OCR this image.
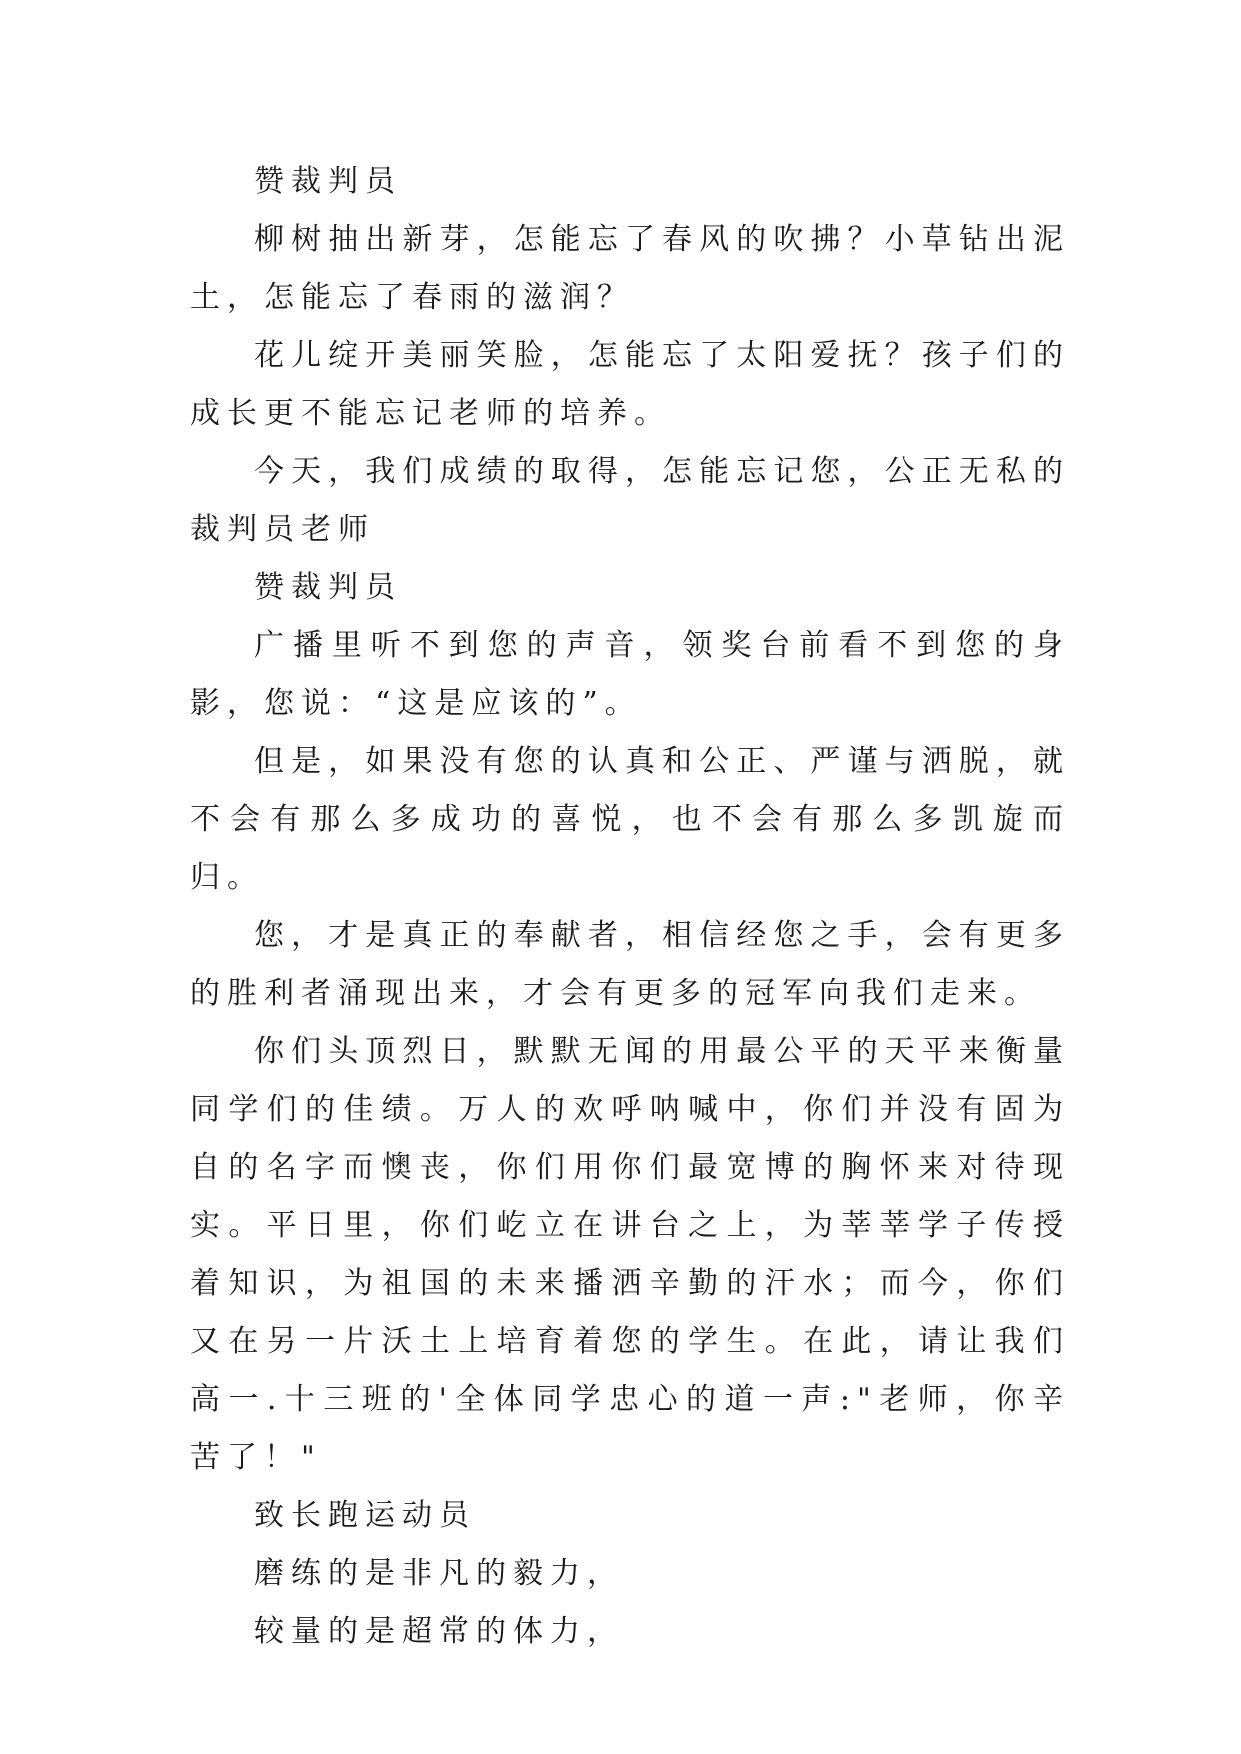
赞裁判员

柳树抽出新芽，怎能忘了春风的吹拂？小草钻出泥土，怎能忘了春雨的滋润？

花儿绽开美丽笑脸，怎能忘了太阳爱抚？孩子们的成长更不能忘记老师的培养。

今天，我们成绩的取得，怎能忘记您，公正无私的裁判员老师

赞裁判员

广播里听不到您的声音，领奖台前看不到您的身影，您说：“这是应该的”。

但是，如果没有您的认真和公正、严谨与洒脱，就不会有那么多成功的喜悦，也不会有那么多凯旋而归。

您，才是真正的奉献者，相信经您之手，会有更多的胜利者涌现出来，才会有更多的冠军向我们走来。

你们头顶烈日，默默无闻的用最公平的天平来衡量同学们的佳绩。万人的欢呼呐喊中，你们并没有固为自的名字而懊丧，你们用你们最宽博的胸怀来对待现实。平日里，你们屹立在讲台之上，为莘莘学子传授着知识，为祖国的未来播洒辛勤的汗水；而今，你们又在另一片沃土上培育着您的学生。在此，请让我们高一.十三班的'全体同学忠心的道一声:"老师，你辛苦了！"

致长跑运动员

磨练的是非凡的毅力，

较量的是超常的体力，
